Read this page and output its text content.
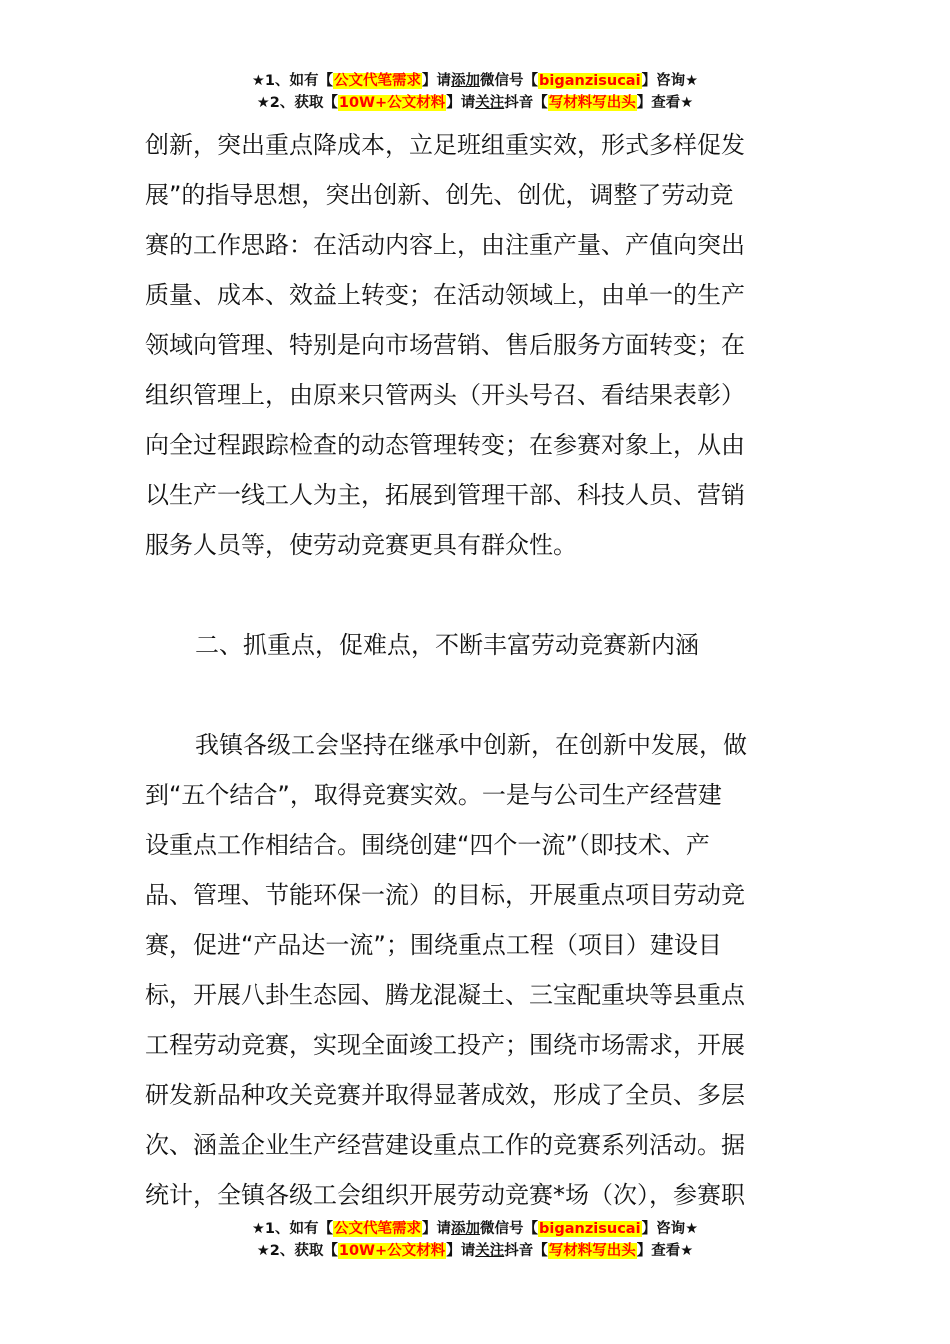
★1、如有【公文代笔需求】请添加微信号【biganzisucai】咨询★
★2、获取【10W+公文材料】请关注抖音【写材料写出头】查看★
创新，突出重点降成本，立足班组重实效，形式多样促发
展”的指导思想，突出创新、创先、创优，调整了劳动竞
赛的工作思路：在活动内容上，由注重产量、产值向突出
质量、成本、效益上转变；在活动领域上，由单一的生产
领域向管理、特别是向市场营销、售后服务方面转变；在
组织管理上，由原来只管两头（开头号召、看结果表彰）
向全过程跟踪检查的动态管理转变；在参赛对象上，从由
以生产一线工人为主，拓展到管理干部、科技人员、营销
服务人员等，使劳动竞赛更具有群众性。
二、抓重点，促难点，不断丰富劳动竞赛新内涵
我镇各级工会坚持在继承中创新，在创新中发展，做
到“五个结合”，取得竞赛实效。一是与公司生产经营建
设重点工作相结合。围绕创建“四个一流”（即技术、产
品、管理、节能环保一流）的目标，开展重点项目劳动竞
赛，促进“产品达一流”；围绕重点工程（项目）建设目
标，开展八卦生态园、腾龙混凝土、三宝配重块等县重点
工程劳动竞赛，实现全面竣工投产；围绕市场需求，开展
研发新品种攻关竞赛并取得显著成效，形成了全员、多层
次、涵盖企业生产经营建设重点工作的竞赛系列活动。据
统计，全镇各级工会组织开展劳动竞赛*场（次），参赛职
★1、如有【公文代笔需求】请添加微信号【biganzisucai】咨询★
★2、获取【10W+公文材料】请关注抖音【写材料写出头】查看★
